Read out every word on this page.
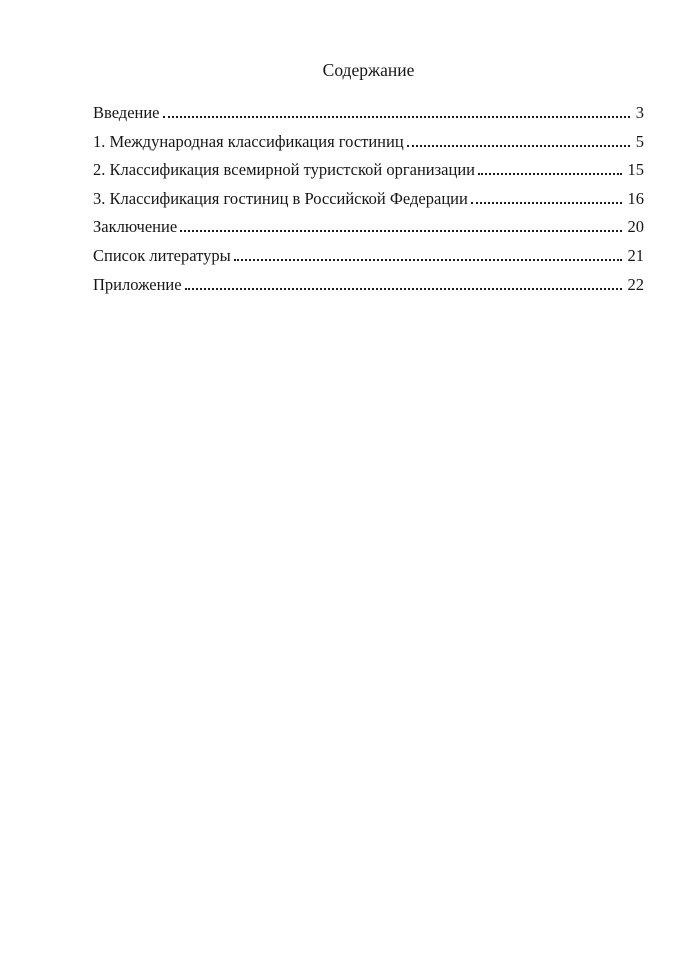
Содержание
Введение	3
1. Международная классификация гостиниц	5
2. Классификация всемирной туристской организации	15
3. Классификация гостиниц в Российской Федерации	16
Заключение	20
Список литературы	21
Приложение	22
